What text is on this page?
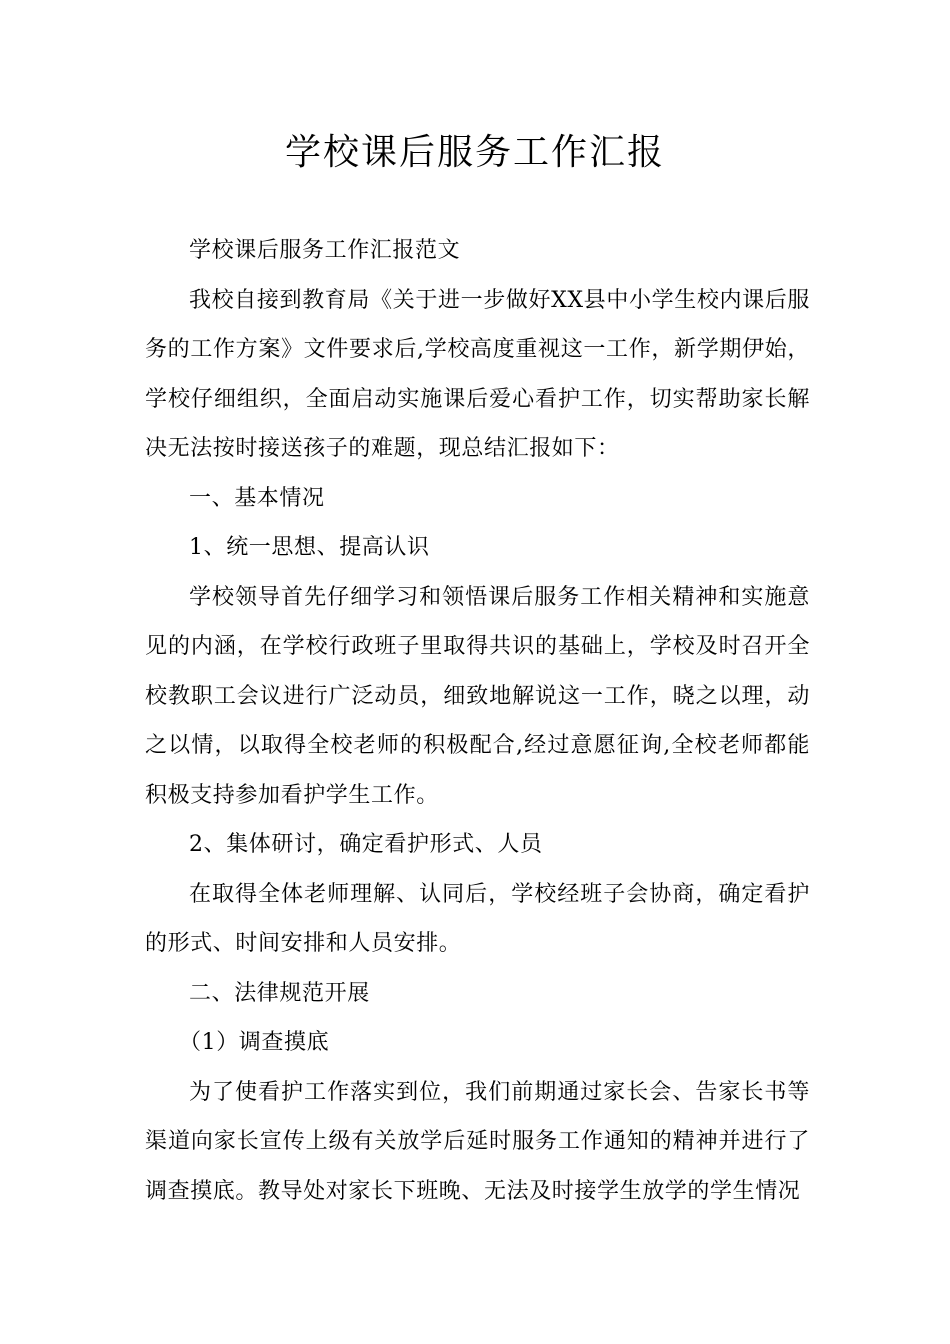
学校课后服务工作汇报

学校课后服务工作汇报范文

我校自接到教育局《关于进一步做好XX县中小学生校内课后服务的工作方案》文件要求后,学校高度重视这一工作，新学期伊始，学校仔细组织，全面启动实施课后爱心看护工作，切实帮助家长解决无法按时接送孩子的难题，现总结汇报如下：

一、基本情况

1、统一思想、提高认识

学校领导首先仔细学习和领悟课后服务工作相关精神和实施意见的内涵，在学校行政班子里取得共识的基础上，学校及时召开全校教职工会议进行广泛动员，细致地解说这一工作，晓之以理，动之以情，以取得全校老师的积极配合,经过意愿征询,全校老师都能积极支持参加看护学生工作。

2、集体研讨，确定看护形式、人员

在取得全体老师理解、认同后，学校经班子会协商，确定看护的形式、时间安排和人员安排。

二、法律规范开展

（1）调查摸底

为了使看护工作落实到位，我们前期通过家长会、告家长书等渠道向家长宣传上级有关放学后延时服务工作通知的精神并进行了调查摸底。教导处对家长下班晚、无法及时接学生放学的学生情况
